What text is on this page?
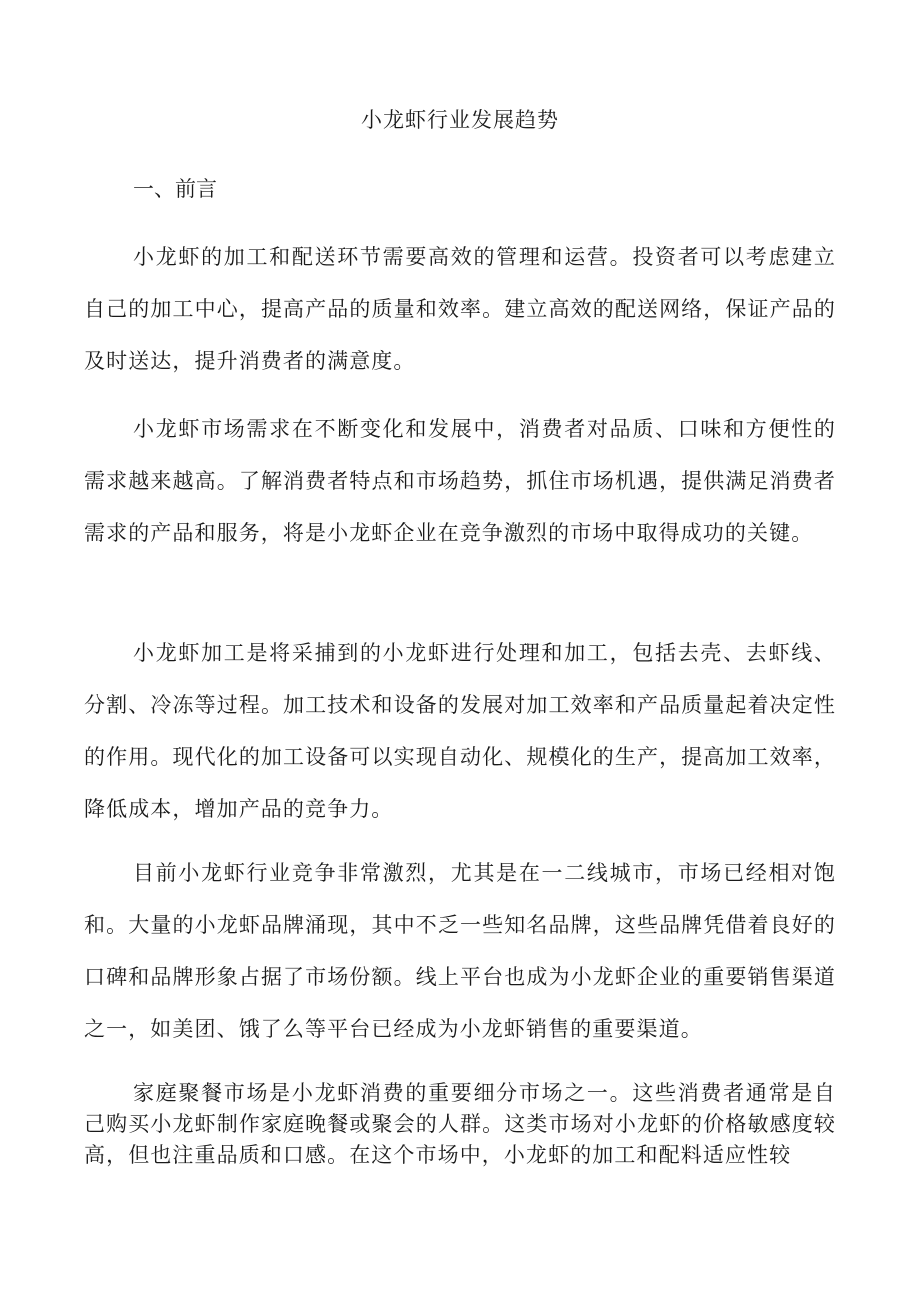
小龙虾行业发展趋势
一、前言

小龙虾的加工和配送环节需要高效的管理和运营。投资者可以考虑建立自己的加工中心，提高产品的质量和效率。建立高效的配送网络，保证产品的及时送达，提升消费者的满意度。

小龙虾市场需求在不断变化和发展中，消费者对品质、口味和方便性的需求越来越高。了解消费者特点和市场趋势，抓住市场机遇，提供满足消费者需求的产品和服务，将是小龙虾企业在竞争激烈的市场中取得成功的关键。

小龙虾加工是将采捕到的小龙虾进行处理和加工，包括去壳、去虾线、分割、冷冻等过程。加工技术和设备的发展对加工效率和产品质量起着决定性的作用。现代化的加工设备可以实现自动化、规模化的生产，提高加工效率，降低成本，增加产品的竞争力。

目前小龙虾行业竞争非常激烈，尤其是在一二线城市，市场已经相对饱和。大量的小龙虾品牌涌现，其中不乏一些知名品牌，这些品牌凭借着良好的口碑和品牌形象占据了市场份额。线上平台也成为小龙虾企业的重要销售渠道之一，如美团、饿了么等平台已经成为小龙虾销售的重要渠道。

家庭聚餐市场是小龙虾消费的重要细分市场之一。这些消费者通常是自己购买小龙虾制作家庭晚餐或聚会的人群。这类市场对小龙虾的价格敏感度较高，但也注重品质和口感。在这个市场中，小龙虾的加工和配料适应性较
